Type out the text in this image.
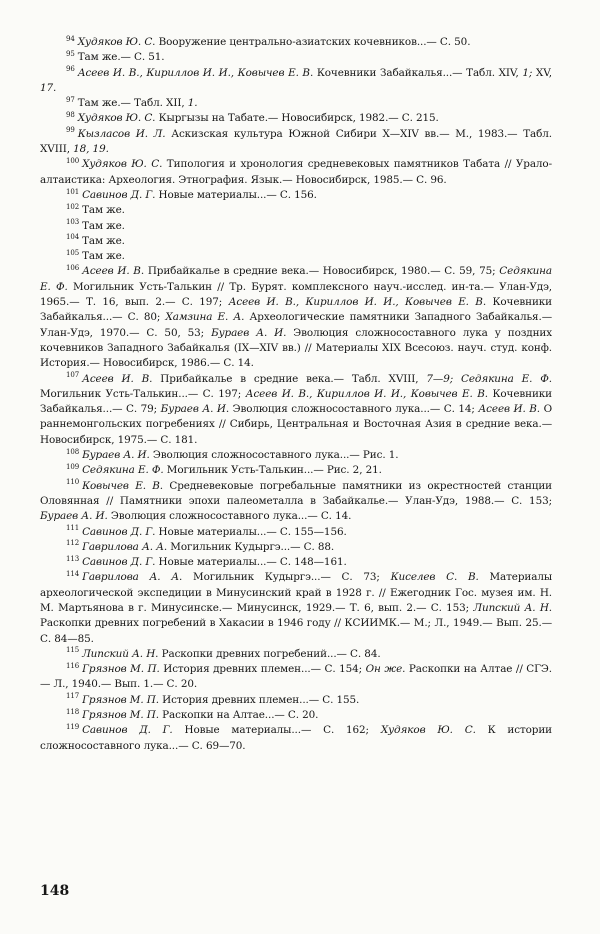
$^{94}$ Худяков Ю. С. Вооружение центрально-азиатских кочевников...— С. 50.

$^{95}$ Там же.— С. 51.

$^{96}$ Асеев И. В., Кириллов И. И., Ковычев Е. В. Кочевники Забайкалья...— Табл. XIV, 1; XV, 17.

$^{97}$ Там же.— Табл. XII, 1.

$^{98}$ Худяков Ю. С. Кыргызы на Табате.— Новосибирск, 1982.— С. 215.

$^{99}$ Кызласов И. Л. Аскизская культура Южной Сибири X—XIV вв.— М., 1983.— Табл. XVIII, 18, 19.

$^{100}$ Худяков Ю. С. Типология и хронология средневековых памятников Табата // Урало-алтаистика: Археология. Этнография. Язык.— Новосибирск, 1985.— С. 96.

$^{101}$ Савинов Д. Г. Новые материалы...— С. 156.

$^{102}$ Там же.

$^{103}$ Там же.

$^{104}$ Там же.

$^{105}$ Там же.

$^{106}$ Асеев И. В. Прибайкалье в средние века.— Новосибирск, 1980.— С. 59, 75; Седякина Е. Ф. Могильник Усть-Талькин // Тр. Бурят. комплексного науч.-исслед. ин-та.— Улан-Удэ, 1965.— Т. 16, вып. 2.— С. 197; Асеев И. В., Кириллов И. И., Ковычев Е. В. Кочевники Забайкалья...— С. 80; Хамзина Е. А. Археологические памятники Западного Забайкалья.— Улан-Удэ, 1970.— С. 50, 53; Бураев А. И. Эволюция сложносоставного лука у поздних кочевников Западного Забайкалья (IX—XIV вв.) // Материалы XIX Всесоюз. науч. студ. конф. История.— Новосибирск, 1986.— С. 14.

$^{107}$ Асеев И. В. Прибайкалье в средние века.— Табл. XVIII, 7—9; Седякина Е. Ф. Могильник Усть-Талькин...— С. 197; Асеев И. В., Кириллов И. И., Ковычев Е. В. Кочевники Забайкалья...— С. 79; Бураев А. И. Эволюция сложносоставного лука...— С. 14; Асеев И. В. О раннемонгольских погребениях // Сибирь, Центральная и Восточная Азия в средние века.— Новосибирск, 1975.— С. 181.

$^{108}$ Бураев А. И. Эволюция сложносоставного лука...— Рис. 1.

$^{109}$ Седякина Е. Ф. Могильник Усть-Талькин...— Рис. 2, 21.

$^{110}$ Ковычев Е. В. Средневековые погребальные памятники из окрестностей станции Оловянная // Памятники эпохи палеометалла в Забайкалье.— Улан-Удэ, 1988.— С. 153; Бураев А. И. Эволюция сложносоставного лука...— С. 14.

$^{111}$ Савинов Д. Г. Новые материалы...— С. 155—156.

$^{112}$ Гаврилова А. А. Могильник Кудыргэ...— С. 88.

$^{113}$ Савинов Д. Г. Новые материалы...— С. 148—161.

$^{114}$ Гаврилова А. А. Могильник Кудыргэ...— С. 73; Киселев С. В. Материалы археологической экспедиции в Минусинский край в 1928 г. // Ежегодник Гос. музея им. Н. М. Мартьянова в г. Минусинске.— Минусинск, 1929.— Т. 6, вып. 2.— С. 153; Липский А. Н. Раскопки древних погребений в Хакасии в 1946 году // КСИИМК.— М.; Л., 1949.— Вып. 25.— С. 84—85.

$^{115}$ Липский А. Н. Раскопки древних погребений...— С. 84.

$^{116}$ Грязнов М. П. История древних племен...— С. 154; Он же. Раскопки на Алтае // СГЭ.— Л., 1940.— Вып. 1.— С. 20.

$^{117}$ Грязнов М. П. История древних племен...— С. 155.

$^{118}$ Грязнов М. П. Раскопки на Алтае...— С. 20.

$^{119}$ Савинов Д. Г. Новые материалы...— С. 162; Худяков Ю. С. К истории сложносоставного лука...— С. 69—70.

148
